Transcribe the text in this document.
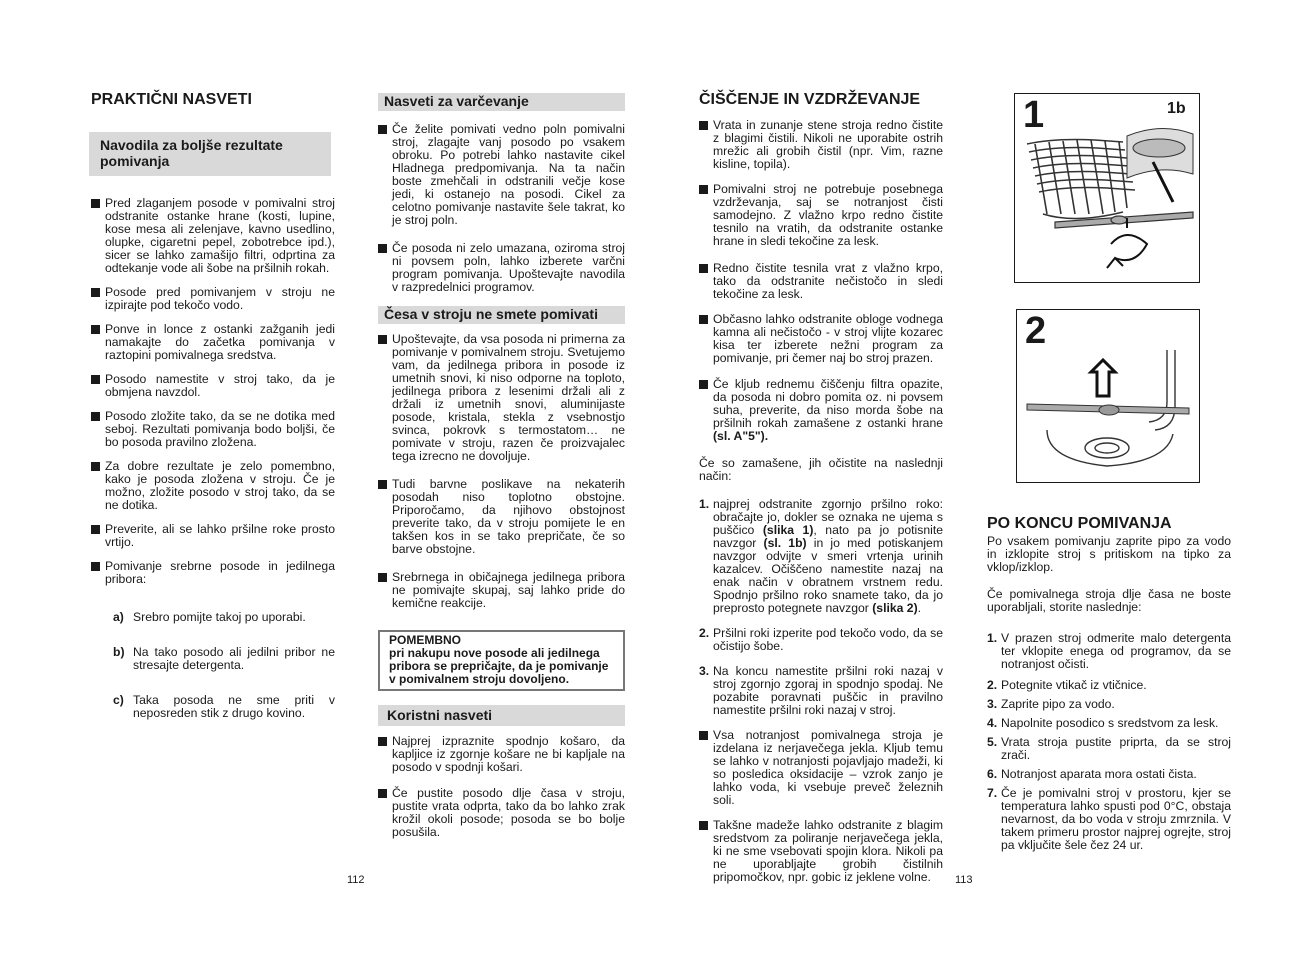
PRAKTIČNI NASVETI
Navodila za boljše rezultate pomivanja
Pred zlaganjem posode v pomivalni stroj odstranite ostanke hrane (kosti, lupine, kose mesa ali zelenjave, kavno usedlino, olupke, cigaretni pepel, zobotrebce ipd.), sicer se lahko zamašijo filtri, odprtina za odtekanje vode ali šobe na pršilnih rokah.
Posode pred pomivanjem v stroju ne izpirajte pod tekočo vodo.
Ponve in lonce z ostanki zažganih jedi namakajte do začetka pomivanja v raztopini pomivalnega sredstva.
Posodo namestite v stroj tako, da je obmjena navzdol.
Posodo zložite tako, da se ne dotika med seboj. Rezultati pomivanja bodo boljši, če bo posoda pravilno zložena.
Za dobre rezultate je zelo pomembno, kako je posoda zložena v stroju. Če je možno, zložite posodo v stroj tako, da se ne dotika.
Preverite, ali se lahko pršilne roke prosto vrtijo.
Pomivanje srebrne posode in jedilnega pribora:
a) Srebro pomijte takoj po uporabi.
b) Na tako posodo ali jedilni pribor ne stresajte detergenta.
c) Taka posoda ne sme priti v neposreden stik z drugo kovino.
112
Nasveti za varčevanje
Če želite pomivati vedno poln pomivalni stroj, zlagajte vanj posodo po vsakem obroku. Po potrebi lahko nastavite cikel Hladnega predpomivanja. Na ta način boste zmehčali in odstranili večje kose jedi, ki ostanejo na posodi. Cikel za celotno pomivanje nastavite šele takrat, ko je stroj poln.
Če posoda ni zelo umazana, oziroma stroj ni povsem poln, lahko izberete varčni program pomivanja. Upoštevajte navodila v razpredelnici programov.
Česa v stroju ne smete pomivati
Upoštevajte, da vsa posoda ni primerna za pomivanje v pomivalnem stroju. Svetujemo vam, da jedilnega pribora in posode iz umetnih snovi, ki niso odporne na toploto, jedilnega pribora z lesenimi držali ali z držali iz umetnih snovi, aluminijaste posode, kristala, stekla z vsebnostjo svinca, pokrovk s termostatom… ne pomivate v stroju, razen če proizvajalec tega izrecno ne dovoljuje.
Tudi barvne poslikave na nekaterih posodah niso toplotno obstojne. Priporočamo, da njihovo obstojnost preverite tako, da v stroju pomijete le en takšen kos in se tako prepričate, če so barve obstojne.
Srebrnega in običajnega jedilnega pribora ne pomivajte skupaj, saj lahko pride do kemične reakcije.
POMEMBNO
pri nakupu nove posode ali jedilnega pribora se prepričajte, da je pomivanje v pomivalnem stroju dovoljeno.
Koristni nasveti
Najprej izpraznite spodnjo košaro, da kapljice iz zgornje košare ne bi kapljale na posodo v spodnji košari.
Če pustite posodo dlje časa v stroju, pustite vrata odprta, tako da bo lahko zrak krožil okoli posode; posoda se bo bolje posušila.
ČIŠČENJE IN VZDRŽEVANJE
Vrata in zunanje stene stroja redno čistite z blagimi čistili. Nikoli ne uporabite ostrih mrežic ali grobih čistil (npr. Vim, razne kisline, topila).
Pomivalni stroj ne potrebuje posebnega vzdrževanja, saj se notranjost čisti samodejno. Z vlažno krpo redno čistite tesnilo na vratih, da odstranite ostanke hrane in sledi tekočine za lesk.
Redno čistite tesnila vrat z vlažno krpo, tako da odstranite nečistočo in sledi tekočine za lesk.
Občasno lahko odstranite obloge vodnega kamna ali nečistočo - v stroj vlijte kozarec kisa ter izberete nežni program za pomivanje, pri čemer naj bo stroj prazen.
Če kljub rednemu čiščenju filtra opazite, da posoda ni dobro pomita oz. ni povsem suha, preverite, da niso morda šobe na pršilnih rokah zamašene z ostanki hrane (sl. A"5").
Če so zamašene, jih očistite na naslednji način:
1. najprej odstranite zgornjo pršilno roko: obračajte jo, dokler se oznaka ne ujema s puščico (slika 1), nato pa jo potisnite navzgor (sl. 1b) in jo med potiskanjem navzgor odvijte v smeri vrtenja urinih kazalcev. Očiščeno namestite nazaj na enak način v obratnem vrstnem redu. Spodnjo pršilno roko snamete tako, da jo preprosto potegnete navzgor (slika 2).
2. Pršilni roki izperite pod tekočo vodo, da se očistijo šobe.
3. Na koncu namestite pršilni roki nazaj v stroj zgornjo zgoraj in spodnjo spodaj. Ne pozabite poravnati puščic in pravilno namestite pršilni roki nazaj v stroj.
Vsa notranjost pomivalnega stroja je izdelana iz nerjavečega jekla. Kljub temu se lahko v notranjosti pojavljajo madeži, ki so posledica oksidacije – vzrok zanjo je lahko voda, ki vsebuje preveč železnih soli.
Takšne madeže lahko odstranite z blagim sredstvom za poliranje nerjavečega jekla, ki ne sme vsebovati spojin klora. Nikoli pa ne uporabljajte grobih čistilnih pripomočkov, npr. gobic iz jeklene volne.	113
1	1b
2
PO KONCU POMIVANJA
Po vsakem pomivanju zaprite pipo za vodo in izklopite stroj s pritiskom na tipko za vklop/izklop.
Če pomivalnega stroja dlje časa ne boste uporabljali, storite naslednje:
1. V prazen stroj odmerite malo detergenta ter vklopite enega od programov, da se notranjost očisti.
2. Potegnite vtikač iz vtičnice.
3. Zaprite pipo za vodo.
4. Napolnite posodico s sredstvom za lesk.
5. Vrata stroja pustite priprta, da se stroj zrači.
6. Notranjost aparata mora ostati čista.
7. Če je pomivalni stroj v prostoru, kjer se temperatura lahko spusti pod 0°C, obstaja nevarnost, da bo voda v stroju zmrznila. V takem primeru prostor najprej ogrejte, stroj pa vključite šele čez 24 ur.
